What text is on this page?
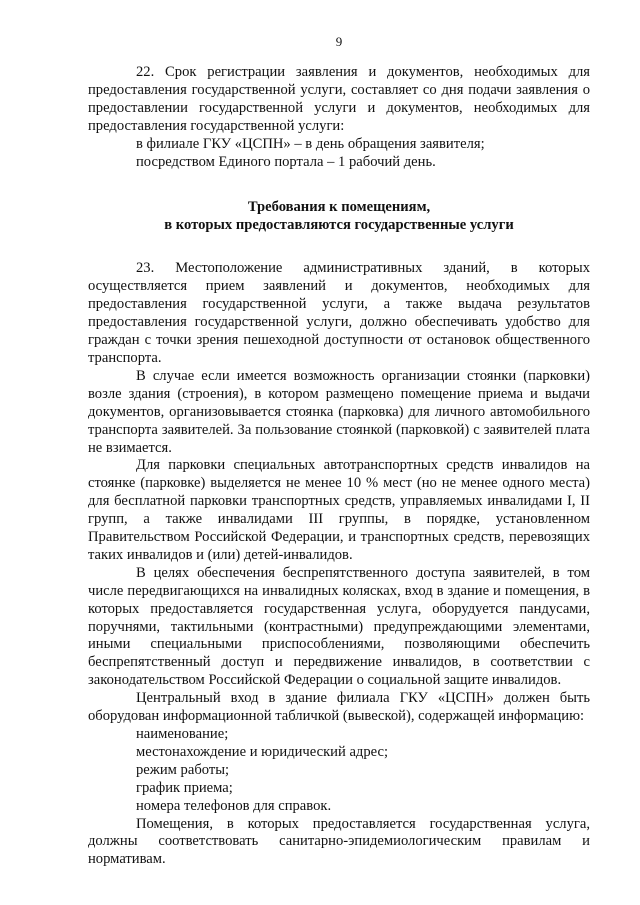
9

22. Срок регистрации заявления и документов, необходимых для предоставления государственной услуги, составляет со дня подачи заявления о предоставлении государственной услуги и документов, необходимых для предоставления государственной услуги:

в филиале ГКУ «ЦСПН» – в день обращения заявителя;

посредством Единого портала – 1 рабочий день.

Требования к помещениям,
в которых предоставляются государственные услуги

23. Местоположение административных зданий, в которых осуществляется прием заявлений и документов, необходимых для предоставления государственной услуги, а также выдача результатов предоставления государственной услуги, должно обеспечивать удобство для граждан с точки зрения пешеходной доступности от остановок общественного транспорта.

В случае если имеется возможность организации стоянки (парковки) возле здания (строения), в котором размещено помещение приема и выдачи документов, организовывается стоянка (парковка) для личного автомобильного транспорта заявителей. За пользование стоянкой (парковкой) с заявителей плата не взимается.

Для парковки специальных автотранспортных средств инвалидов на стоянке (парковке) выделяется не менее 10 % мест (но не менее одного места) для бесплатной парковки транспортных средств, управляемых инвалидами I, II групп, а также инвалидами III группы, в порядке, установленном Правительством Российской Федерации, и транспортных средств, перевозящих таких инвалидов и (или) детей-инвалидов.

В целях обеспечения беспрепятственного доступа заявителей, в том числе передвигающихся на инвалидных колясках, вход в здание и помещения, в которых предоставляется государственная услуга, оборудуется пандусами, поручнями, тактильными (контрастными) предупреждающими элементами, иными специальными приспособлениями, позволяющими обеспечить беспрепятственный доступ и передвижение инвалидов, в соответствии с законодательством Российской Федерации о социальной защите инвалидов.

Центральный вход в здание филиала ГКУ «ЦСПН» должен быть оборудован информационной табличкой (вывеской), содержащей информацию:

наименование;

местонахождение и юридический адрес;

режим работы;

график приема;

номера телефонов для справок.

Помещения, в которых предоставляется государственная услуга, должны соответствовать санитарно-эпидемиологическим правилам и нормативам.
